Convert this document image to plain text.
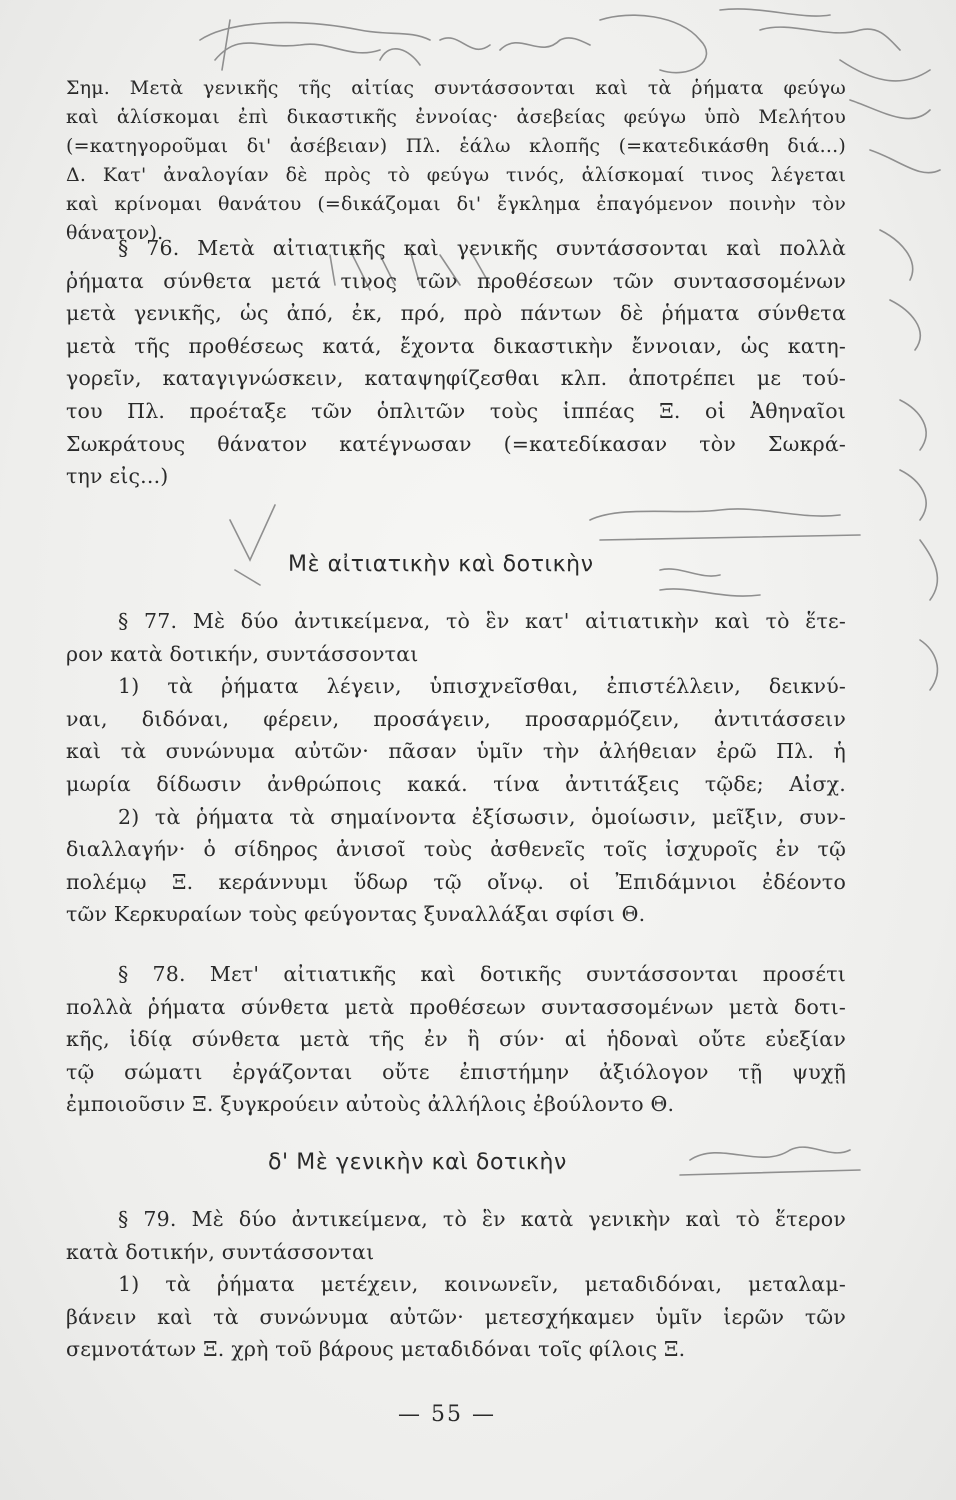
Σημ. Μετὰ γενικῆς τῆς αἰτίας συντάσσονται καὶ τὰ ῥήματα φεύγω
καὶ ἁλίσκομαι ἐπὶ δικαστικῆς ἐννοίας· ἀσεβείας φεύγω ὑπὸ Μελήτου
(=κατηγοροῦμαι δι' ἀσέβειαν) Πλ. ἑάλω κλοπῆς (=κατεδικάσθη διά...)
Δ. Κατ' ἀναλογίαν δὲ πρὸς τὸ φεύγω τινός, ἁλίσκομαί τινος λέγεται
καὶ κρίνομαι θανάτου (=δικάζομαι δι' ἔγκλημα ἐπαγόμενον ποινὴν τὸν
θάνατον).
§ 76. Μετὰ αἰτιατικῆς καὶ γενικῆς συντάσσονται καὶ πολλὰ
ῥήματα σύνθετα μετά τινος τῶν προθέσεων τῶν συντασσομένων
μετὰ γενικῆς, ὡς ἀπό, ἐκ, πρό, πρὸ πάντων δὲ ῥήματα σύνθετα
μετὰ τῆς προθέσεως κατά, ἔχοντα δικαστικὴν ἔννοιαν, ὡς κατη-
γορεῖν, καταγιγνώσκειν, καταψηφίζεσθαι κλπ. ἀποτρέπει με τού-
του Πλ. προέταξε τῶν ὁπλιτῶν τοὺς ἱππέας Ξ. οἱ Ἀθηναῖοι
Σωκράτους θάνατον κατέγνωσαν (=κατεδίκασαν τὸν Σωκρά-
την εἰς...)
Μὲ αἰτιατικὴν καὶ δοτικὴν
§ 77. Μὲ δύο ἀντικείμενα, τὸ ἓν κατ' αἰτιατικὴν καὶ τὸ ἕτε-
ρον κατὰ δοτικήν, συντάσσονται
1) τὰ ῥήματα λέγειν, ὑπισχνεῖσθαι, ἐπιστέλλειν, δεικνύ-
ναι, διδόναι, φέρειν, προσάγειν, προσαρμόζειν, ἀντιτάσσειν
καὶ τὰ συνώνυμα αὐτῶν· πᾶσαν ὑμῖν τὴν ἀλήθειαν ἐρῶ Πλ. ἡ
μωρία δίδωσιν ἀνθρώποις κακά. τίνα ἀντιτάξεις τῷδε; Αἰσχ.
2) τὰ ῥήματα τὰ σημαίνοντα ἐξίσωσιν, ὁμοίωσιν, μεῖξιν, συν-
διαλλαγήν· ὁ σίδηρος ἀνισοῖ τοὺς ἀσθενεῖς τοῖς ἰσχυροῖς ἐν τῷ
πολέμῳ Ξ. κεράννυμι ὕδωρ τῷ οἴνῳ. οἱ Ἐπιδάμνιοι ἐδέοντο
τῶν Κερκυραίων τοὺς φεύγοντας ξυναλλάξαι σφίσι Θ.
§ 78. Μετ' αἰτιατικῆς καὶ δοτικῆς συντάσσονται προσέτι
πολλὰ ῥήματα σύνθετα μετὰ προθέσεων συντασσομένων μετὰ δοτι-
κῆς, ἰδίᾳ σύνθετα μετὰ τῆς ἐν ἢ σύν· αἱ ἡδοναὶ οὔτε εὐεξίαν
τῷ σώματι ἐργάζονται οὔτε ἐπιστήμην ἀξιόλογον τῇ ψυχῇ
ἐμποιοῦσιν Ξ. ξυγκρούειν αὐτοὺς ἀλλήλοις ἐβούλοντο Θ.
δ' Μὲ γενικὴν καὶ δοτικὴν
§ 79. Μὲ δύο ἀντικείμενα, τὸ ἓν κατὰ γενικὴν καὶ τὸ ἕτερον
κατὰ δοτικήν, συντάσσονται
1) τὰ ῥήματα μετέχειν, κοινωνεῖν, μεταδιδόναι, μεταλαμ-
βάνειν καὶ τὰ συνώνυμα αὐτῶν· μετεσχήκαμεν ὑμῖν ἱερῶν τῶν
σεμνοτάτων Ξ. χρὴ τοῦ βάρους μεταδιδόναι τοῖς φίλοις Ξ.
— 55 —
